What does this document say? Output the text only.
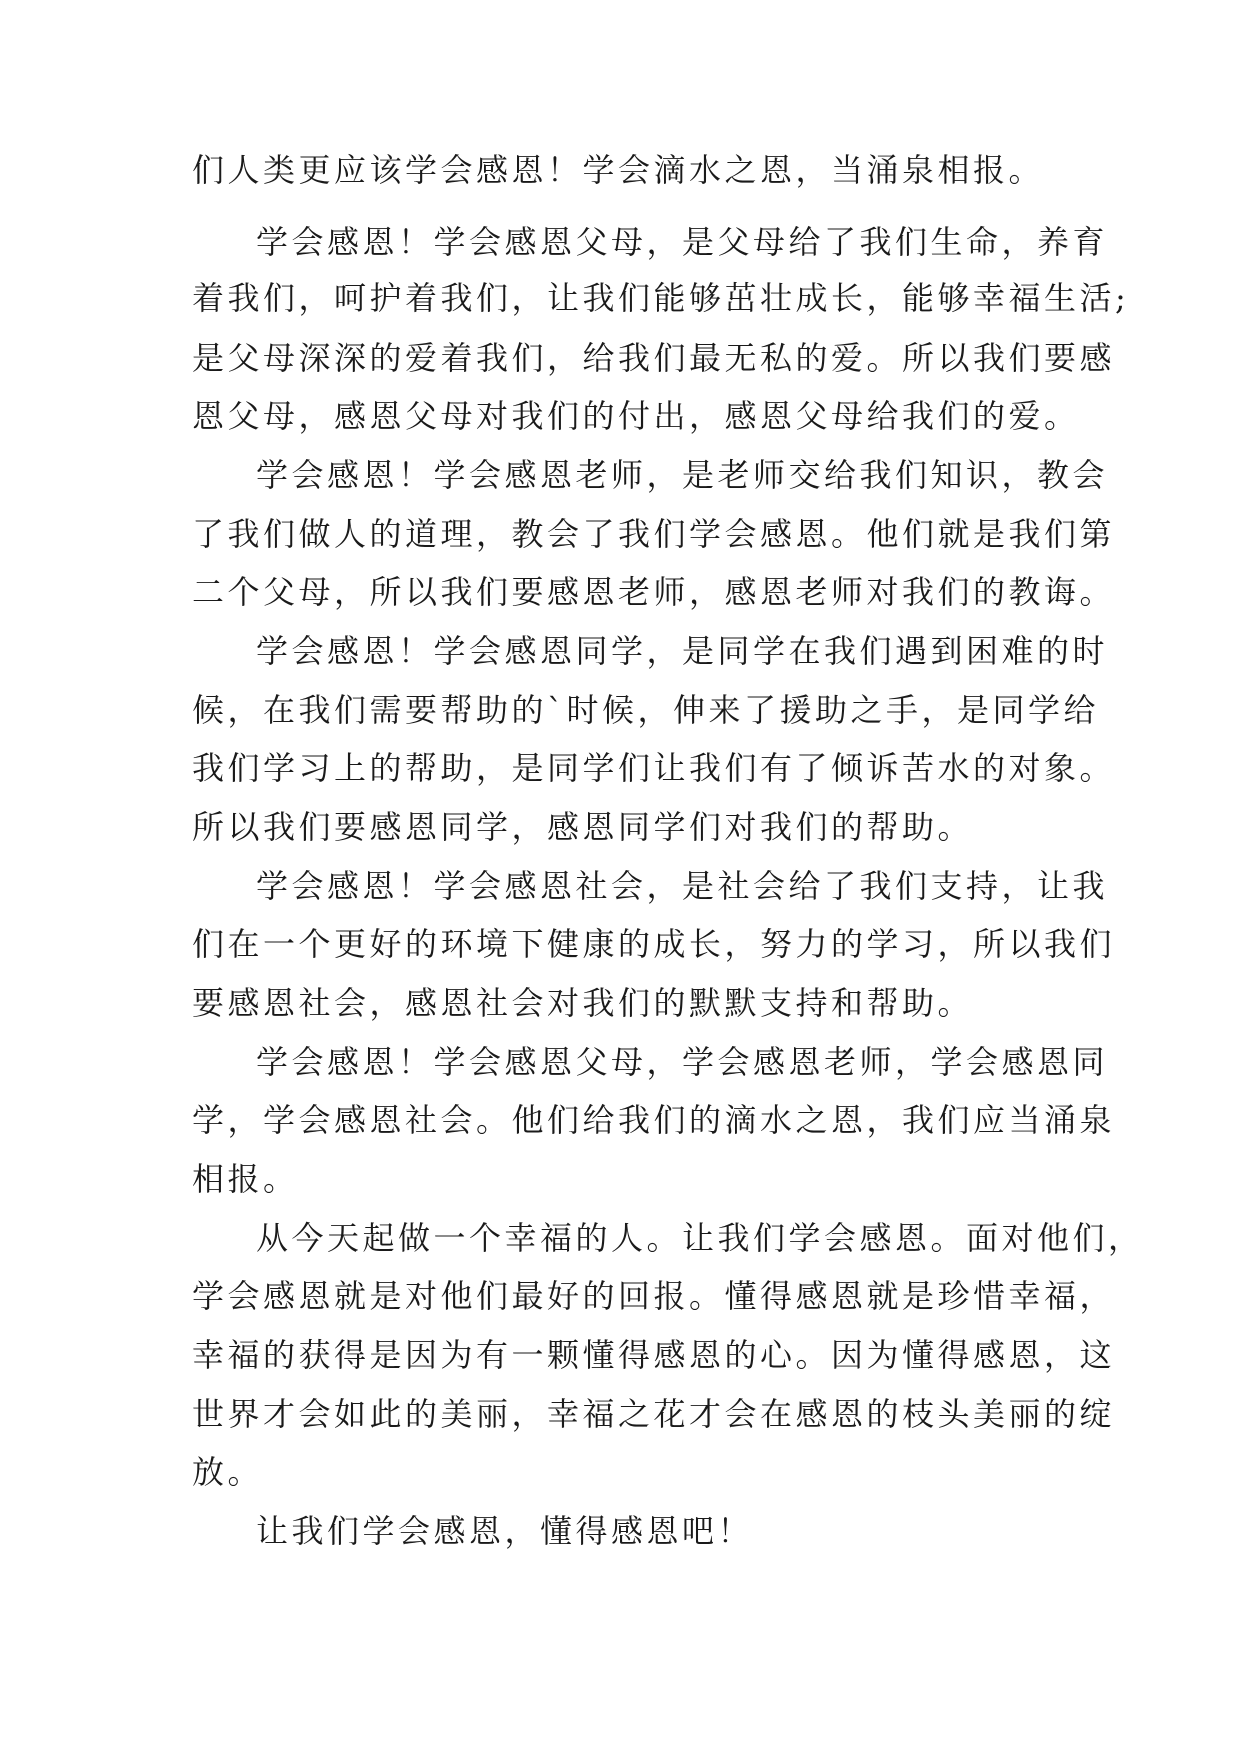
们人类更应该学会感恩！学会滴水之恩，当涌泉相报。
学会感恩！学会感恩父母，是父母给了我们生命，养育
着我们，呵护着我们，让我们能够茁壮成长，能够幸福生活;
是父母深深的爱着我们，给我们最无私的爱。所以我们要感
恩父母，感恩父母对我们的付出，感恩父母给我们的爱。
学会感恩！学会感恩老师，是老师交给我们知识，教会
了我们做人的道理，教会了我们学会感恩。他们就是我们第
二个父母，所以我们要感恩老师，感恩老师对我们的教诲。
学会感恩！学会感恩同学，是同学在我们遇到困难的时
候，在我们需要帮助的`时候，伸来了援助之手，是同学给
我们学习上的帮助，是同学们让我们有了倾诉苦水的对象。
所以我们要感恩同学，感恩同学们对我们的帮助。
学会感恩！学会感恩社会，是社会给了我们支持，让我
们在一个更好的环境下健康的成长，努力的学习，所以我们
要感恩社会，感恩社会对我们的默默支持和帮助。
学会感恩！学会感恩父母，学会感恩老师，学会感恩同
学，学会感恩社会。他们给我们的滴水之恩，我们应当涌泉
相报。
从今天起做一个幸福的人。让我们学会感恩。面对他们，
学会感恩就是对他们最好的回报。懂得感恩就是珍惜幸福，
幸福的获得是因为有一颗懂得感恩的心。因为懂得感恩，这
世界才会如此的美丽，幸福之花才会在感恩的枝头美丽的绽
放。
让我们学会感恩，懂得感恩吧！
